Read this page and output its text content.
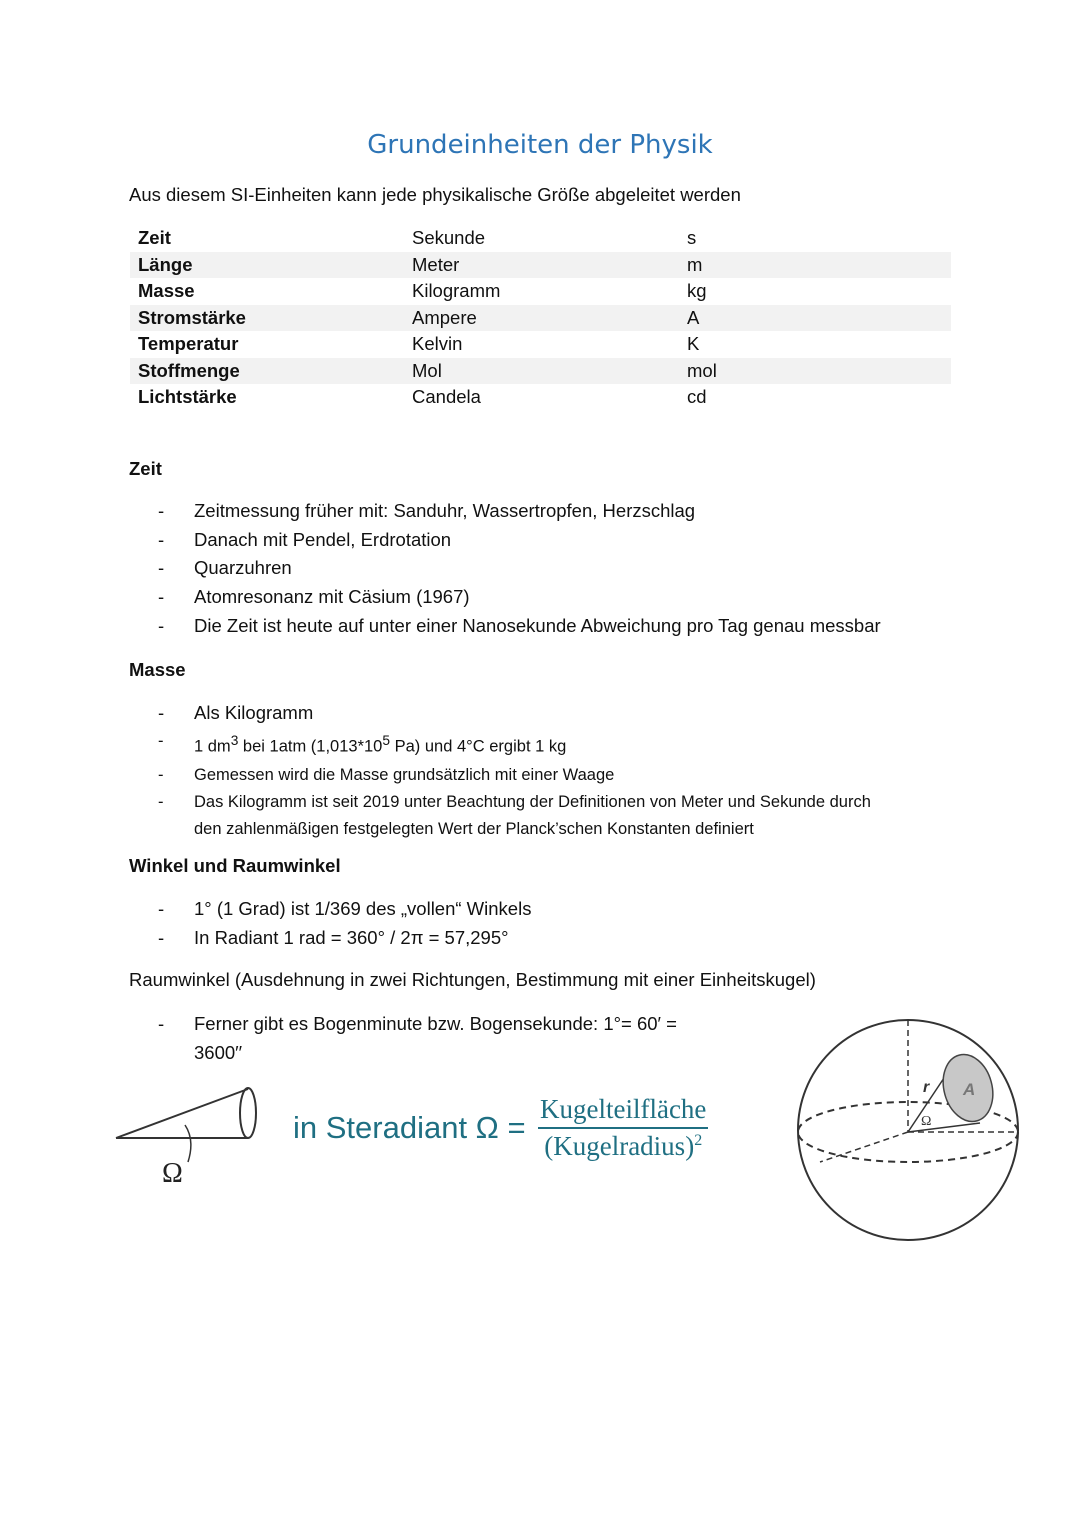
Grundeinheiten der Physik
Aus diesem SI-Einheiten kann jede physikalische Größe abgeleitet werden
Zeit	Sekunde	s
Länge	Meter	m
Masse	Kilogramm	kg
Stromstärke	Ampere	A
Temperatur	Kelvin	K
Stoffmenge	Mol	mol
Lichtstärke	Candela	cd
Zeit
- Zeitmessung früher mit: Sanduhr, Wassertropfen, Herzschlag
- Danach mit Pendel, Erdrotation
- Quarzuhren
- Atomresonanz mit Cäsium (1967)
- Die Zeit ist heute auf unter einer Nanosekunde Abweichung pro Tag genau messbar
Masse
- Als Kilogramm
- 1 $dm^3$ bei 1atm ($1,013*10^5$ Pa) und 4°C ergibt 1 kg
- Gemessen wird die Masse grundsätzlich mit einer Waage
- Das Kilogramm ist seit 2019 unter Beachtung der Definitionen von Meter und Sekunde durch
den zahlenmäßigen festgelegten Wert der Planck’schen Konstanten definiert
Winkel und Raumwinkel
- 1° (1 Grad) ist 1/369 des „vollen“ Winkels
- In Radiant 1 rad = 360° / 2π = 57,295°
Raumwinkel (Ausdehnung in zwei Richtungen, Bestimmung mit einer Einheitskugel)
- Ferner gibt es Bogenminute bzw. Bogensekunde: 1°= 60′ =
3600′′
Ω
in Steradiant Ω =
Kugelteilfläche
(Kugelradius)$^2$
r A
Ω
